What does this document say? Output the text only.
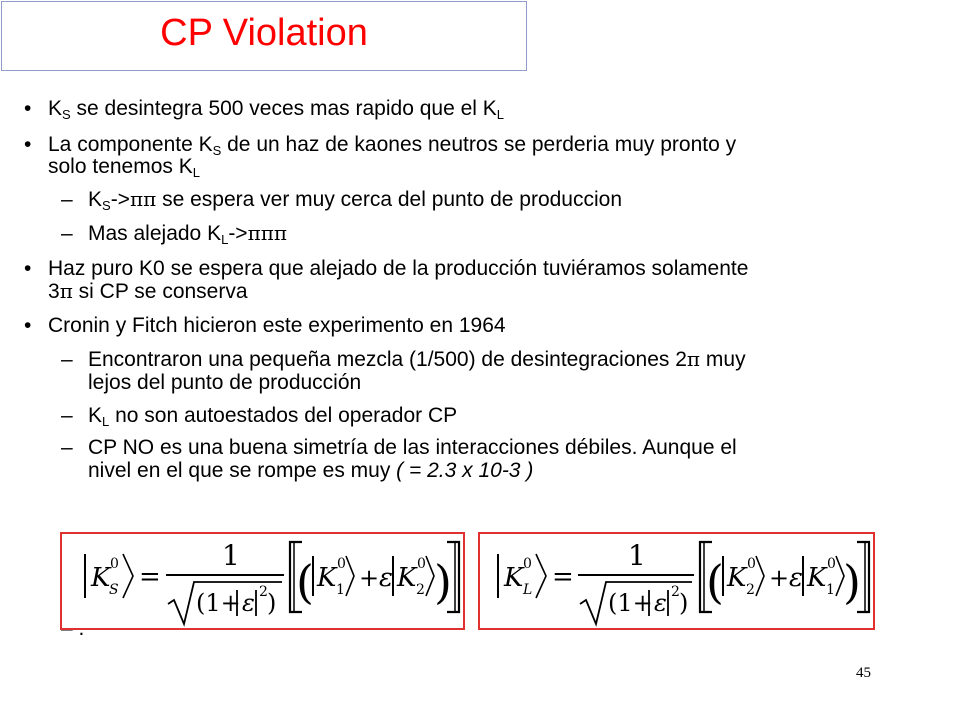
CP Violation
• $K_S$ se desintegra 500 veces mas rapido que el $K_L$
• La componente $K_S$ de un haz de kaones neutros se perderia muy pronto y
solo tenemos $K_L$
– $K_S->\pi\pi$ se espera ver muy cerca del punto de produccion
– Mas alejado $K_L->\pi\pi\pi$
• Haz puro K0 se espera que alejado de la producción tuviéramos solamente
3π si CP se conserva
• Cronin y Fitch hicieron este experimento en 1964
– Encontraron una pequeña mezcla (1/500) de desintegraciones 2π muy
lejos del punto de producción
– $K_L$ no son autoestados del operador CP
– CP NO es una buena simetría de las interacciones débiles. Aunque el
nivel en el que se rompe es muy ( = 2.3 x 10-3 )
K 0
S =
1
(1+ ε 2 ) ( K 0
1 + ε K 0
2 ) K 0
L =
1
(1+ ε 2 ) ( K 0
2 + ε K 0
1 )
45
